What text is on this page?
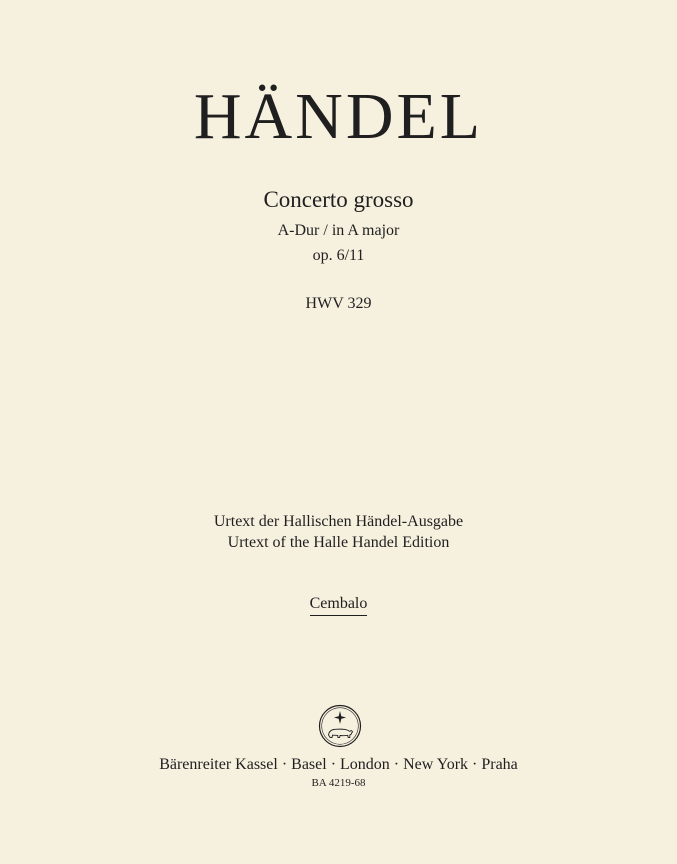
HÄNDEL
Concerto grosso
A-Dur / in A major
op. 6/11
HWV 329
Urtext der Hallischen Händel-Ausgabe
Urtext of the Halle Handel Edition
Cembalo
Bärenreiter Kassel · Basel · London · New York · Praha
BA 4219-68
